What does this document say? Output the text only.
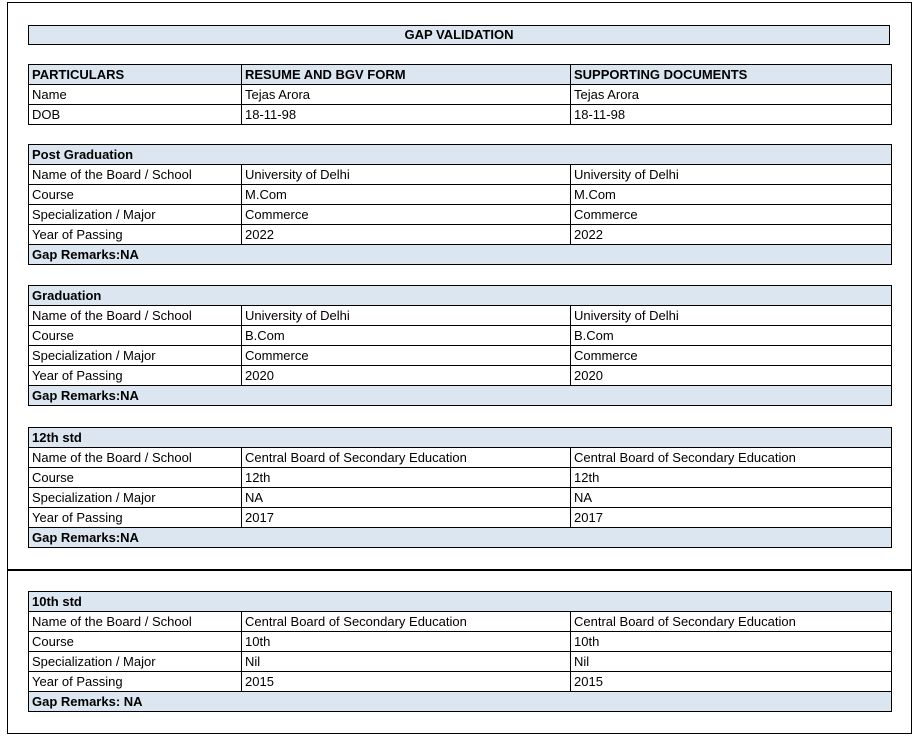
GAP VALIDATION
PARTICULARS	RESUME AND BGV FORM	SUPPORTING DOCUMENTS
Name	Tejas Arora	Tejas Arora
DOB	18-11-98	18-11-98
Post Graduation		
Name of the Board / School	University of Delhi	University of Delhi
Course	M.Com	M.Com
Specialization / Major	Commerce	Commerce
Year of Passing	2022	2022
Gap Remarks:NA		
Graduation		
Name of the Board / School	University of Delhi	University of Delhi
Course	B.Com	B.Com
Specialization / Major	Commerce	Commerce
Year of Passing	2020	2020
Gap Remarks:NA		
12th std		
Name of the Board / School	Central Board of Secondary Education	Central Board of Secondary Education
Course	12th	12th
Specialization / Major	NA	NA
Year of Passing	2017	2017
Gap Remarks:NA		
10th std		
Name of the Board / School	Central Board of Secondary Education	Central Board of Secondary Education
Course	10th	10th
Specialization / Major	Nil	Nil
Year of Passing	2015	2015
Gap Remarks: NA		
